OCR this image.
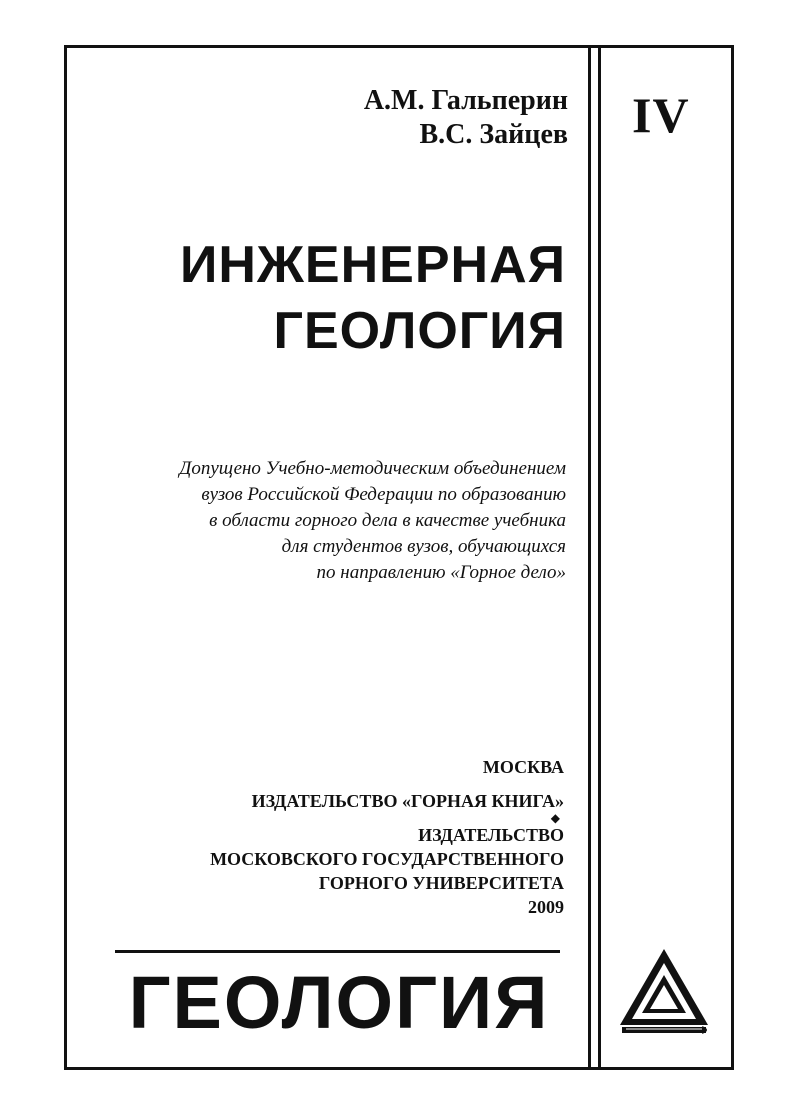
А.М. Гальперин
В.С. Зайцев IV
ИНЖЕНЕРНАЯ
ГЕОЛОГИЯ
Допущено Учебно-методическим объединением
вузов Российской Федерации по образованию
в области горного дела в качестве учебника
для студентов вузов, обучающихся
по направлению «Горное дело»
МОСКВА
ИЗДАТЕЛЬСТВО «ГОРНАЯ КНИГА»
◆
ИЗДАТЕЛЬСТВО
МОСКОВСКОГО ГОСУДАРСТВЕННОГО
ГОРНОГО УНИВЕРСИТЕТА
2009
ГЕОЛОГИЯ
